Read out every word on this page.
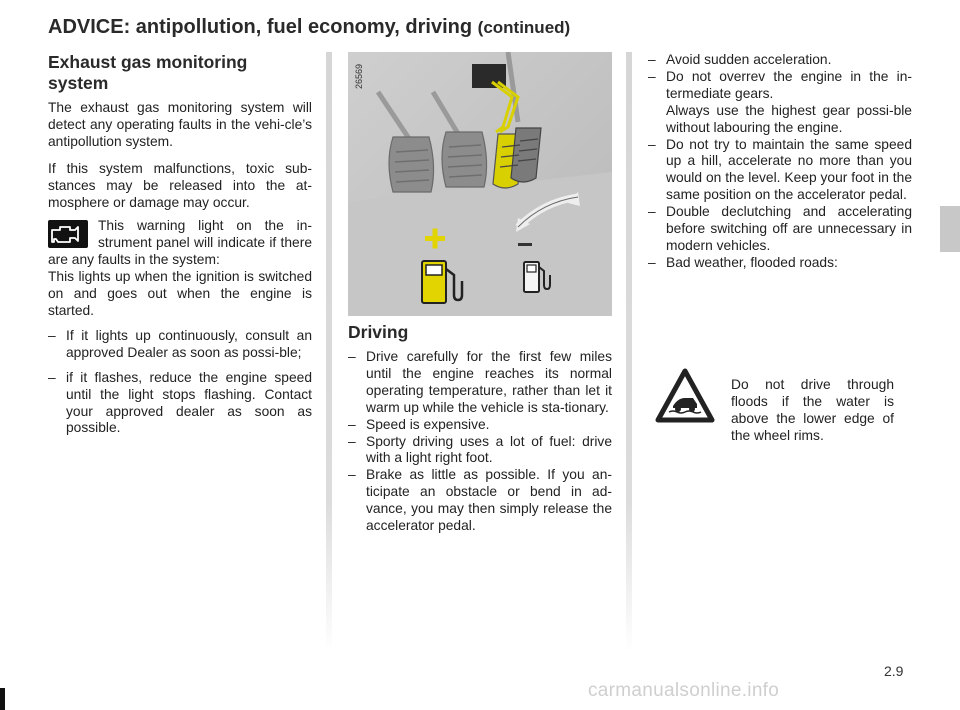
ADVICE: antipollution, fuel economy, driving (continued)
Exhaust gas monitoring system

The exhaust gas monitoring system will detect any operating faults in the vehi-cle’s antipollution system.

If this system malfunctions, toxic sub-stances may be released into the at-mosphere or damage may occur.

This warning light on the in-strument panel will indicate if there are any faults in the system:

This lights up when the ignition is switched on and goes out when the engine is started.

– If it lights up continuously, consult an approved Dealer as soon as possi-ble;
– if it flashes, reduce the engine speed until the light stops flashing. Contact your approved dealer as soon as possible.
26569
Driving
– Drive carefully for the first few miles until the engine reaches its normal operating temperature, rather than let it warm up while the vehicle is sta-tionary.
– Speed is expensive.
– Sporty driving uses a lot of fuel: drive with a light right foot.
– Brake as little as possible. If you an-ticipate an obstacle or bend in ad-vance, you may then simply release the accelerator pedal.
– Avoid sudden acceleration.
– Do not overrev the engine in the in-termediate gears.
Always use the highest gear possi-ble without labouring the engine.
– Do not try to maintain the same speed up a hill, accelerate no more than you would on the level. Keep your foot in the same position on the accelerator pedal.
– Double declutching and accelerating before switching off are unnecessary in modern vehicles.
– Bad weather, flooded roads:

Do not drive through floods if the water is above the lower edge of the wheel rims.

2.9
carmanualsonline.info
